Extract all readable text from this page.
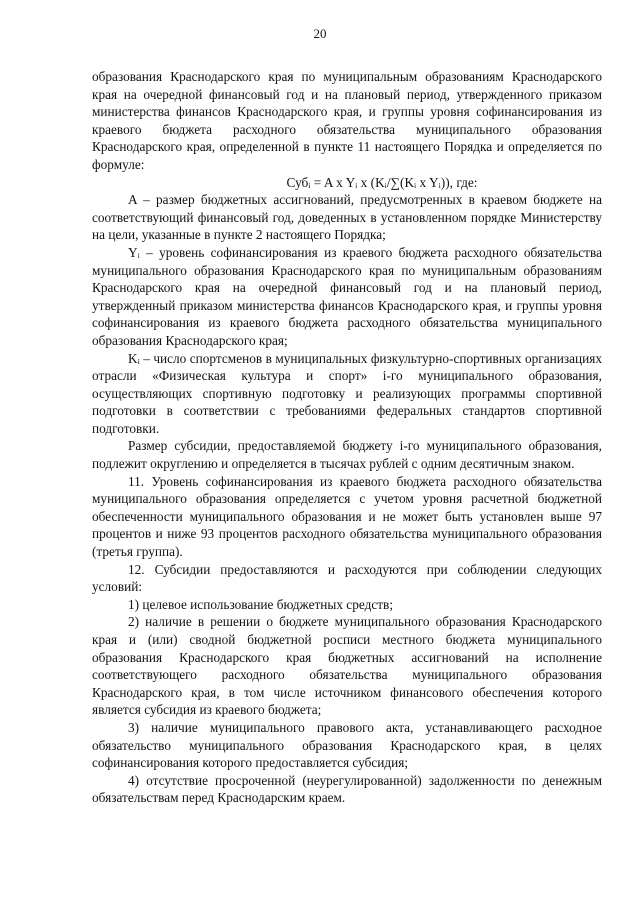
20

образования Краснодарского края по муниципальным образованиям Краснодарского края на очередной финансовый год и на плановый период, утвержденного приказом министерства финансов Краснодарского края, и группы уровня софинансирования из краевого бюджета расходного обязательства муниципального образования Краснодарского края, определенной в пункте 11 настоящего Порядка и определяется по формуле:

Субᵢ = A x Yᵢ x (Kᵢ/∑(Kᵢ x Yᵢ)), где:

A – размер бюджетных ассигнований, предусмотренных в краевом бюджете на соответствующий финансовый год, доведенных в установленном порядке Министерству на цели, указанные в пункте 2 настоящего Порядка;

Yᵢ – уровень софинансирования из краевого бюджета расходного обязательства муниципального образования Краснодарского края по муниципальным образованиям Краснодарского края на очередной финансовый год и на плановый период, утвержденный приказом министерства финансов Краснодарского края, и группы уровня софинансирования из краевого бюджета расходного обязательства муниципального образования Краснодарского края;

Kᵢ – число спортсменов в муниципальных физкультурно-спортивных организациях отрасли «Физическая культура и спорт» i-го муниципального образования, осуществляющих спортивную подготовку и реализующих программы спортивной подготовки в соответствии с требованиями федеральных стандартов спортивной подготовки.

Размер субсидии, предоставляемой бюджету i-го муниципального образования, подлежит округлению и определяется в тысячах рублей с одним десятичным знаком.

11. Уровень софинансирования из краевого бюджета расходного обязательства муниципального образования определяется с учетом уровня расчетной бюджетной обеспеченности муниципального образования и не может быть установлен выше 97 процентов и ниже 93 процентов расходного обязательства муниципального образования (третья группа).

12. Субсидии предоставляются и расходуются при соблюдении следующих условий:

1) целевое использование бюджетных средств;

2) наличие в решении о бюджете муниципального образования Краснодарского края и (или) сводной бюджетной росписи местного бюджета муниципального образования Краснодарского края бюджетных ассигнований на исполнение соответствующего расходного обязательства муниципального образования Краснодарского края, в том числе источником финансового обеспечения которого является субсидия из краевого бюджета;

3) наличие муниципального правового акта, устанавливающего расходное обязательство муниципального образования Краснодарского края, в целях софинансирования которого предоставляется субсидия;

4) отсутствие просроченной (неурегулированной) задолженности по денежным обязательствам перед Краснодарским краем.
